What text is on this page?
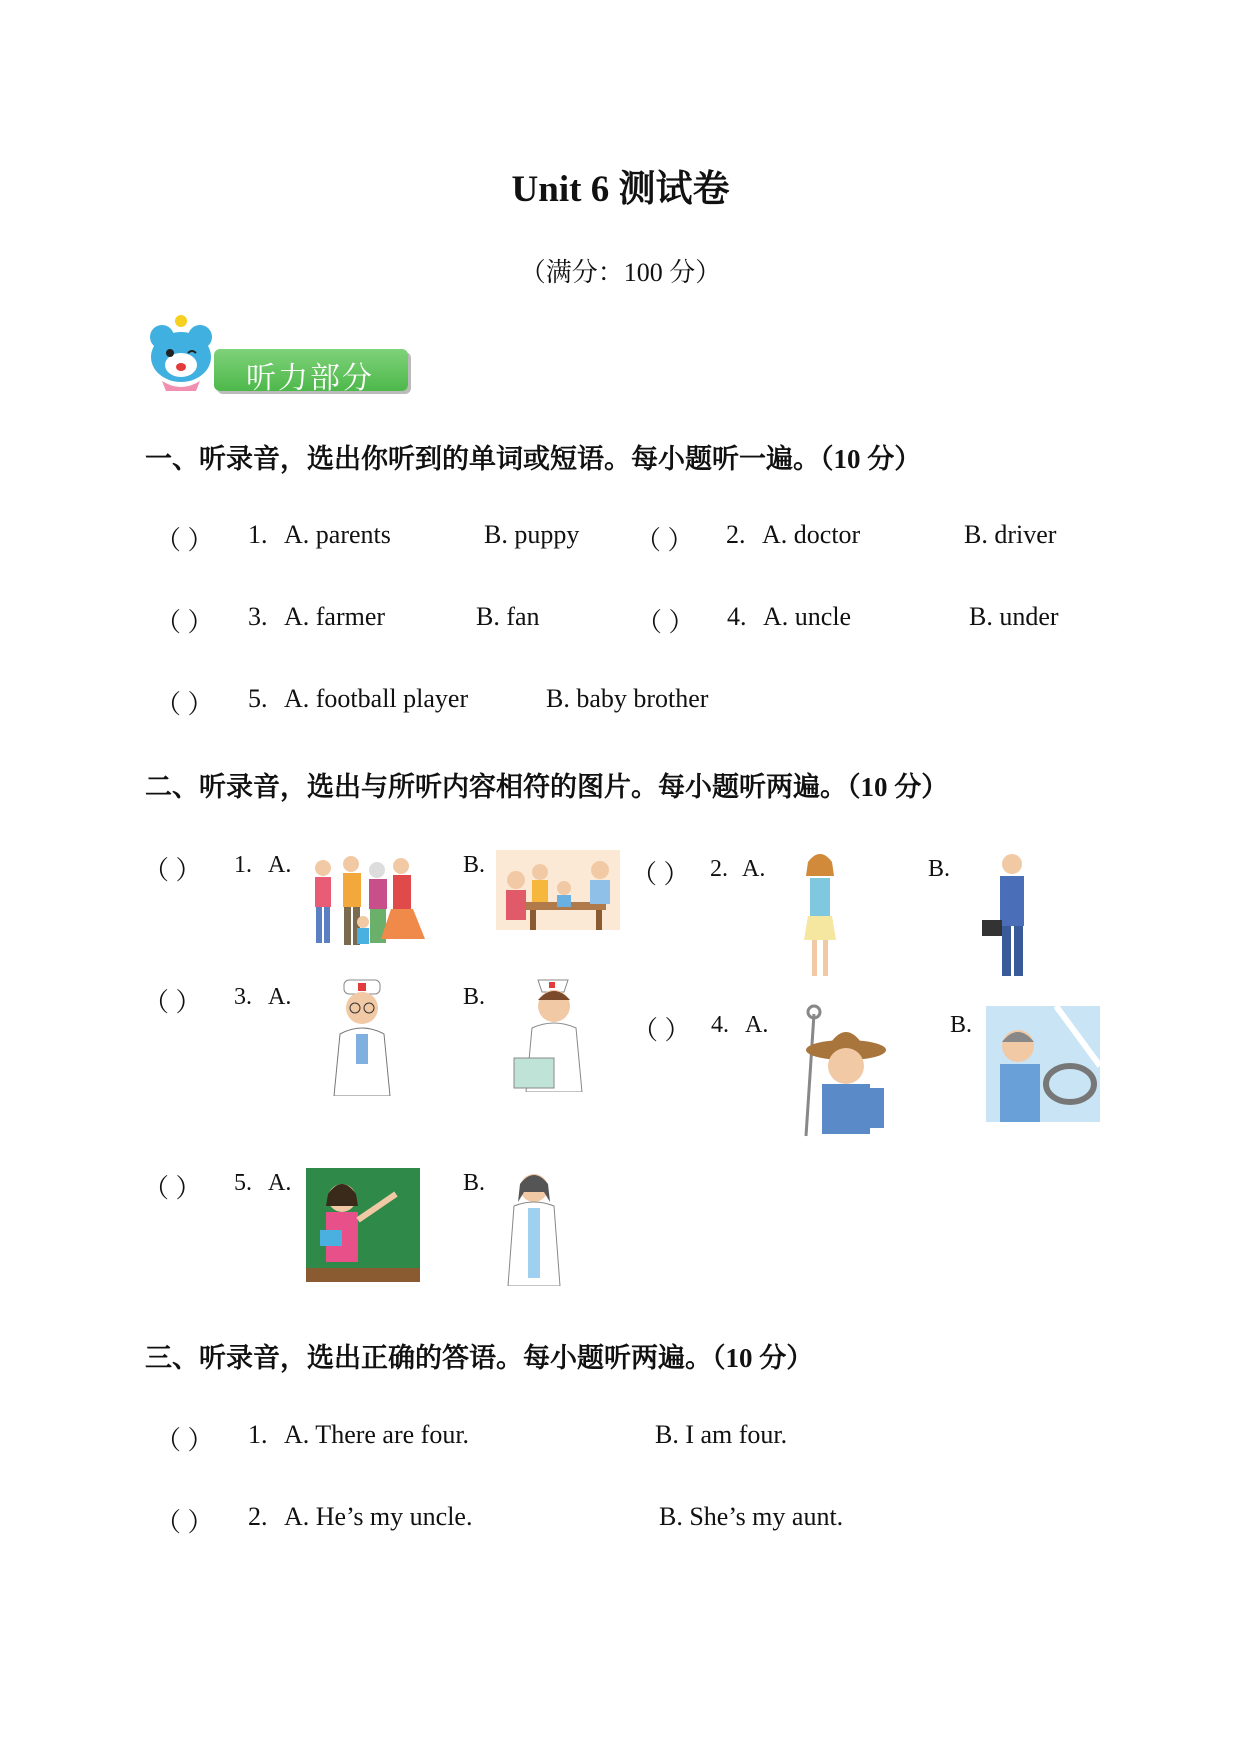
Unit 6 测试卷
（满分：100 分）
听力部分
一、听录音，选出你听到的单词或短语。每小题听一遍。（10 分）
（ ） 1. A. parents	B. puppy （ ） 2. A. doctor	B. driver
（ ） 3. A. farmer	B. fan	（ ） 4. A. uncle	B. under
（ ） 5. A. football player	B. baby brother
二、听录音，选出与所听内容相符的图片。每小题听两遍。（10 分）
（ ） 1. A.	B.	（ ） 2. A.	B.
（ ） 3. A.	B.
（ ） 4. A.	B.
（ ） 5. A.	B.
三、听录音，选出正确的答语。每小题听两遍。（10 分）
（ ） 1. A. There are four.	B. I am four.
（ ） 2. A. He’s my uncle.	B. She’s my aunt.
